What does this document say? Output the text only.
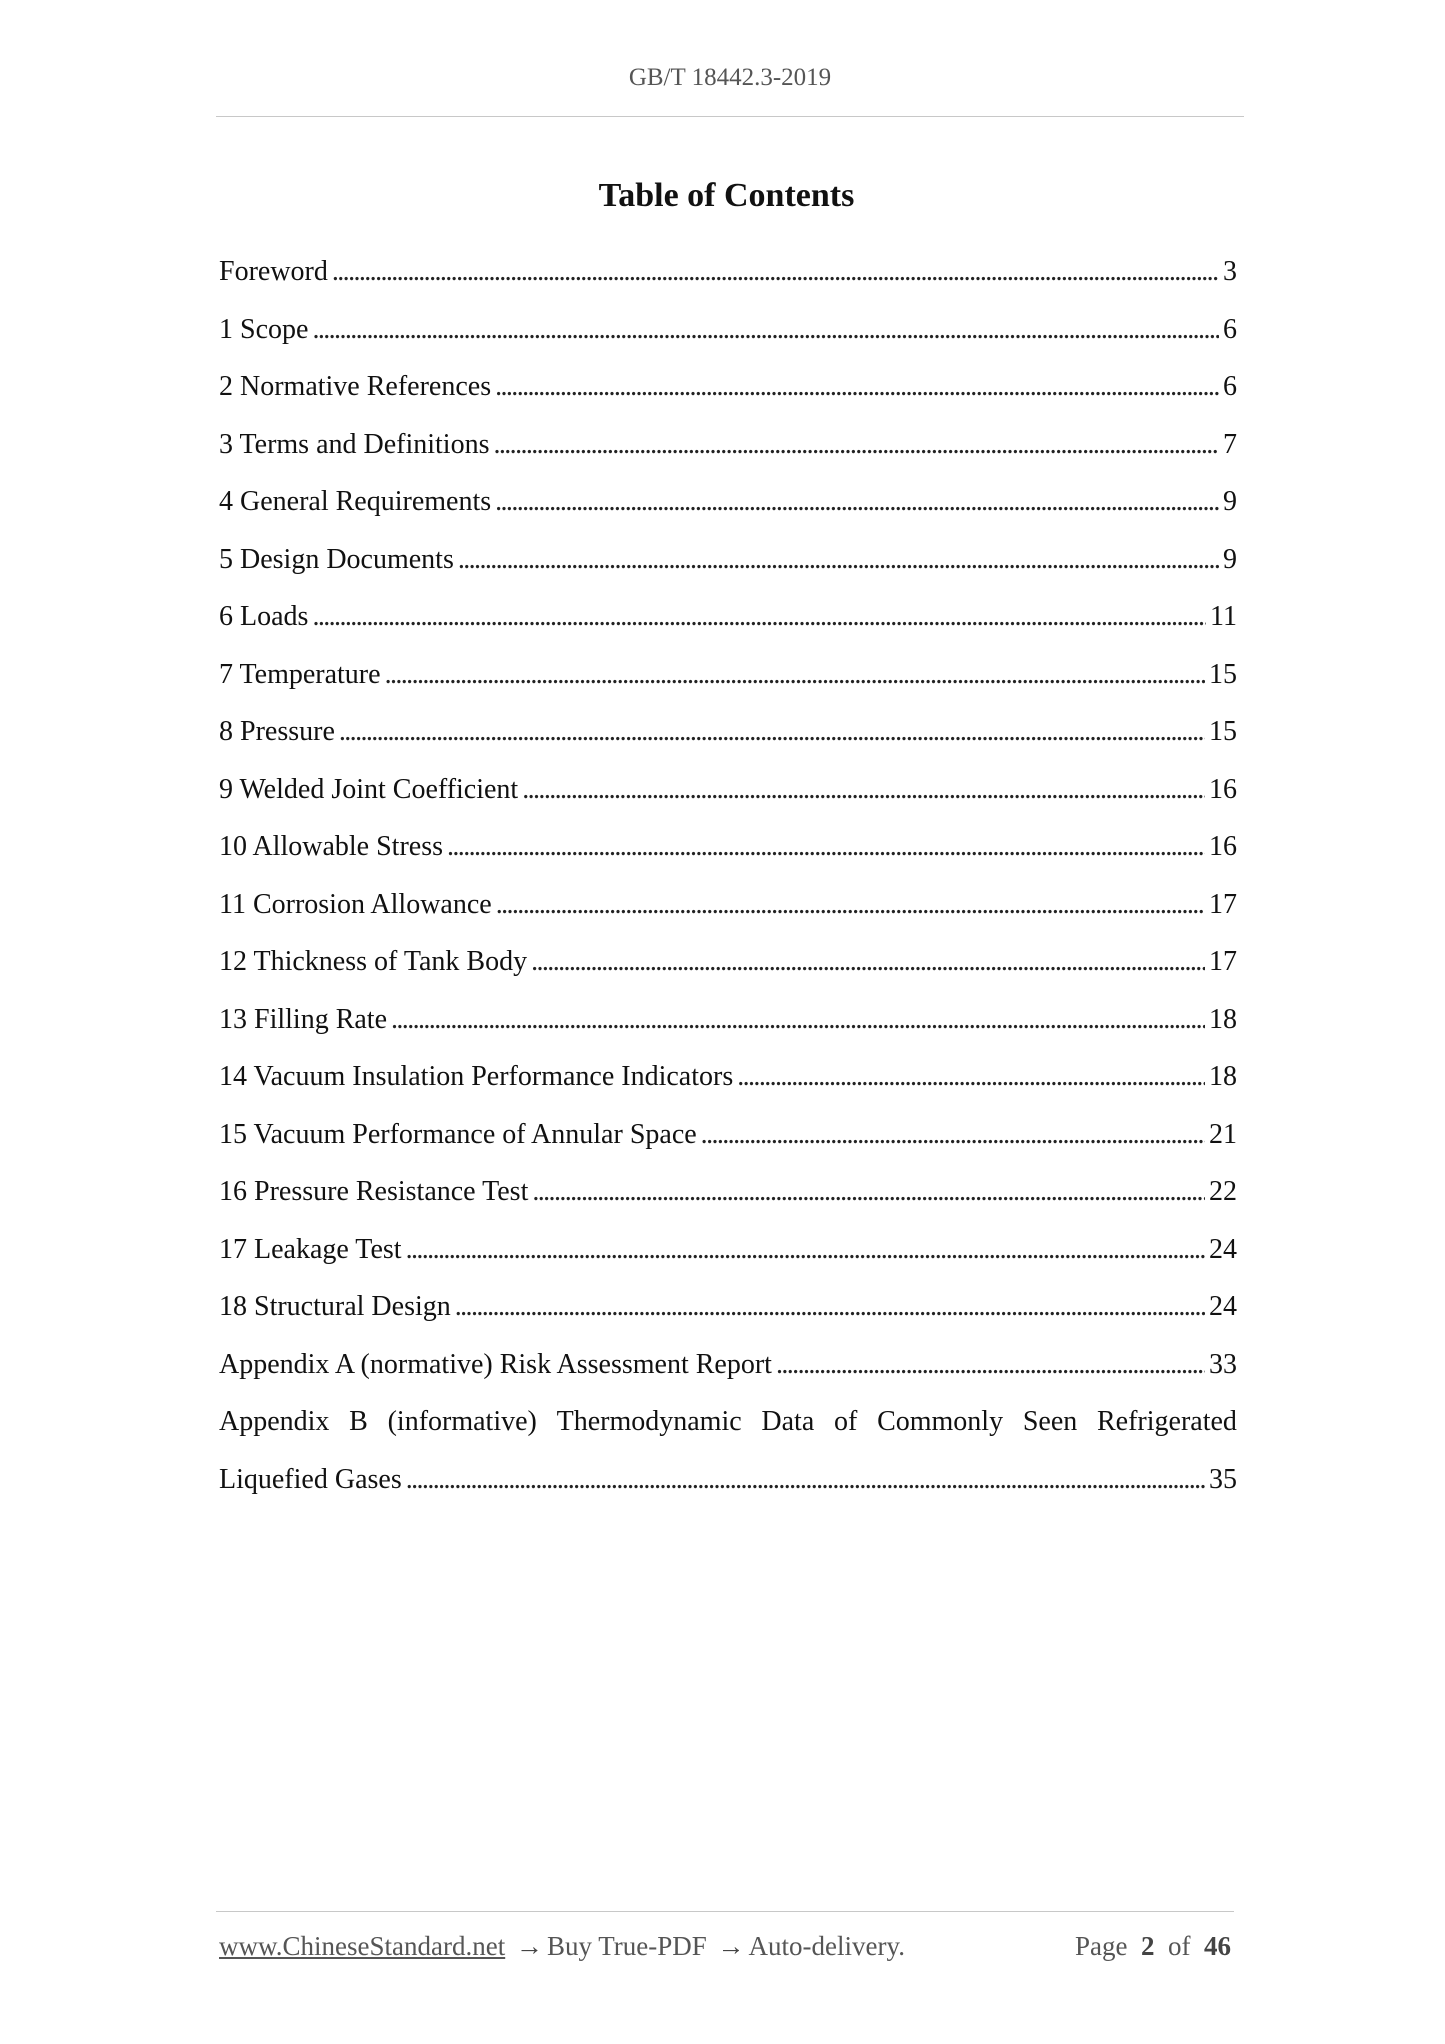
GB/T 18442.3-2019
Table of Contents
Foreword . . .	3
1 Scope . . .	6
2 Normative References . . .	6
3 Terms and Definitions . . .	7
4 General Requirements . . .	9
5 Design Documents . . .	9
6 Loads . . .	11
7 Temperature . . .	15
8 Pressure . . .	15
9 Welded Joint Coefficient . . .	16
10 Allowable Stress . . .	16
11 Corrosion Allowance . . .	17
12 Thickness of Tank Body . . .	17
13 Filling Rate . . .	18
14 Vacuum Insulation Performance Indicators . . .	18
15 Vacuum Performance of Annular Space . . .	21
16 Pressure Resistance Test . . .	22
17 Leakage Test . . .	24
18 Structural Design . . .	24
Appendix A (normative) Risk Assessment Report . . .	33
Appendix B (informative) Thermodynamic Data of Commonly Seen Refrigerated
Liquefied Gases . . .	35
www.ChineseStandard.net → Buy True-PDF → Auto-delivery.	Page 2 of 46
